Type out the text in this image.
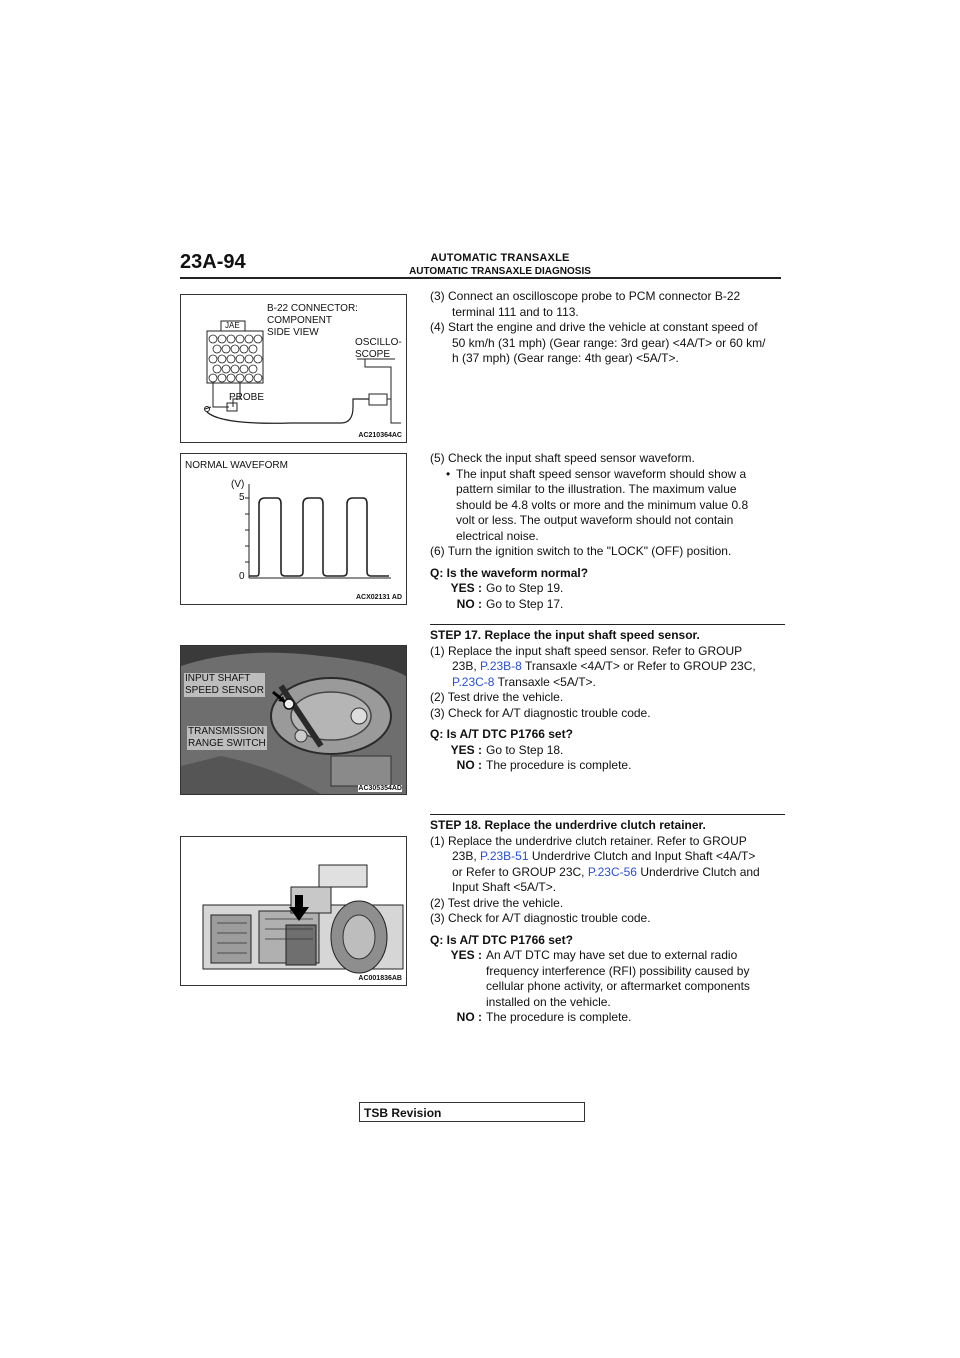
23A-94	AUTOMATIC TRANSAXLE
AUTOMATIC TRANSAXLE DIAGNOSIS
JAE
B-22 CONNECTOR:
COMPONENT
SIDE VIEW
OSCILLO-
SCOPE
PROBE
AC210364AC
NORMAL WAVEFORM
(V)
5
0
ACX02131 AD
INPUT SHAFT
SPEED SENSOR
TRANSMISSION
RANGE SWITCH
AC305354AD
AC001836AB

(3) Connect an oscilloscope probe to PCM connector B-22

terminal 111 and to 113.

(4) Start the engine and drive the vehicle at constant speed of

50 km/h (31 mph) (Gear range: 3rd gear) <4A/T> or 60 km/

h (37 mph) (Gear range: 4th gear) <5A/T>.

(5) Check the input shaft speed sensor waveform.

• The input shaft speed sensor waveform should show a

pattern similar to the illustration. The maximum value

should be 4.8 volts or more and the minimum value 0.8

volt or less. The output waveform should not contain

electrical noise.

(6) Turn the ignition switch to the "LOCK" (OFF) position.

Q: Is the waveform normal?

YES : Go to Step 19.
NO : Go to Step 17.

STEP 17. Replace the input shaft speed sensor.

(1) Replace the input shaft speed sensor. Refer to GROUP

23B, P.23B-8 Transaxle <4A/T> or Refer to GROUP 23C,

P.23C-8 Transaxle <5A/T>.

(2) Test drive the vehicle.

(3) Check for A/T diagnostic trouble code.

Q: Is A/T DTC P1766 set?

YES : Go to Step 18.
NO : The procedure is complete.

STEP 18. Replace the underdrive clutch retainer.

(1) Replace the underdrive clutch retainer. Refer to GROUP

23B, P.23B-51 Underdrive Clutch and Input Shaft <4A/T>

or Refer to GROUP 23C, P.23C-56 Underdrive Clutch and

Input Shaft <5A/T>.

(2) Test drive the vehicle.

(3) Check for A/T diagnostic trouble code.

Q: Is A/T DTC P1766 set?

YES : An A/T DTC may have set due to external radio frequency interference (RFI) possibility caused by cellular phone activity, or aftermarket components installed on the vehicle.
NO : The procedure is complete.
TSB Revision
